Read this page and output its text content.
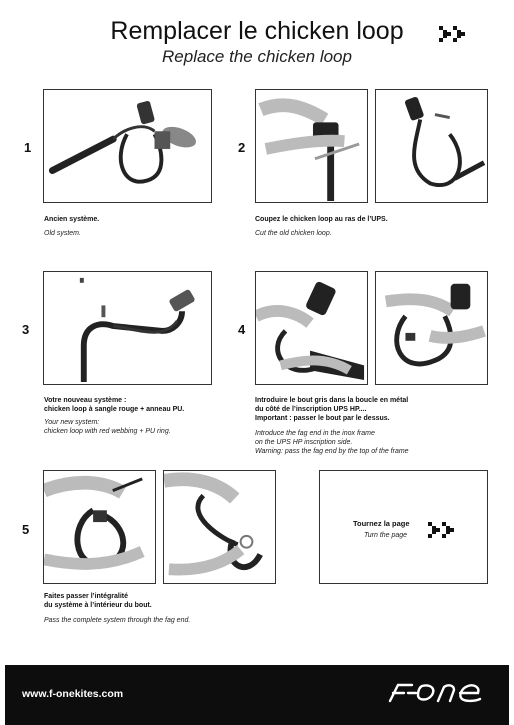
Remplacer le chicken loop
Replace the chicken loop
1
Ancien système.
Old system.
2
Coupez le chicken loop au ras de l’UPS.
Cut the old chicken loop.
3
Votre nouveau système :
chicken loop à sangle rouge + anneau PU.
Your new system:
chicken loop with red webbing + PU ring.
4
Introduire le bout gris dans la boucle en métal
du côté de l’inscription UPS HP....
Important : passer le bout par le dessus.
Introduce the fag end in the inox frame
on the UPS HP inscription side.
Warning: pass the fag end by the top of the frame
5
Faites passer l’intégralité
du système à l’intérieur du bout.
Pass the complete system through the fag end.
Tournez la page
Turn the page
www.f-onekites.com
